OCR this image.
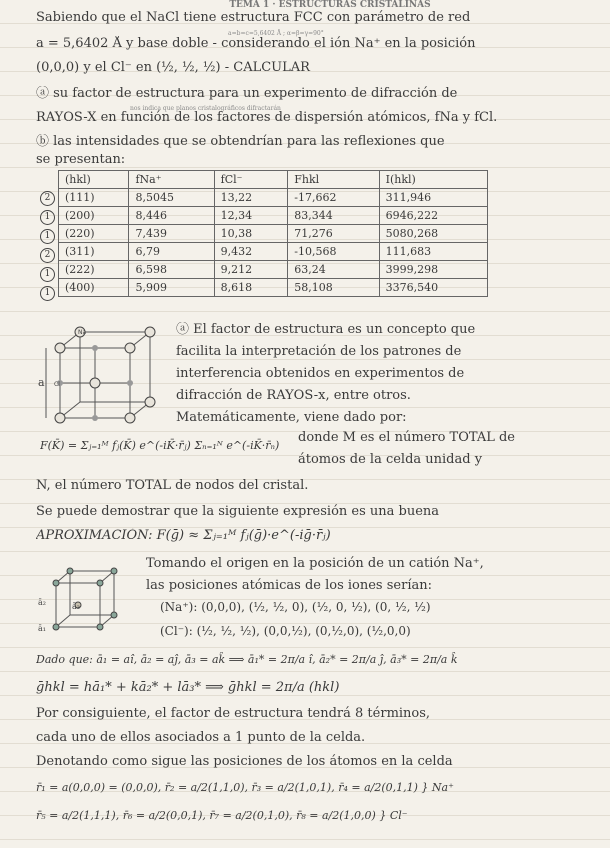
TEMA 1 · ESTRUCTURAS CRISTALINAS
Sabiendo que el NaCl tiene estructura FCC con parámetro de red
a=b=c=5,6402 Å ; α=β=γ=90°
a = 5,6402 Å y base doble - considerando el ión Na⁺ en la posición
(0,0,0) y el Cl⁻ en (½, ½, ½) - CALCULAR
ⓐ su factor de estructura para un experimento de difracción de
nos indica que planos cristalográficos difractarán
RAYOS-X en función de los factores de dispersión atómicos, fNa y fCl.
ⓑ las intensidades que se obtendrían para las reflexiones que
se presentan:
(hkl)	fNa⁺	fCl⁻	Fhkl	I(hkl)
(111)	8,5045	13,22	-17,662	311,946
(200)	8,446	12,34	83,344	6946,222
(220)	7,439	10,38	71,276	5080,268
(311)	6,79	9,432	-10,568	111,683
(222)	6,598	9,212	63,24	3999,298
(400)	5,909	8,618	58,108	3376,540
2
1
1
2
1
1
Na
Cl
a
ⓐ El factor de estructura es un concepto que
facilita la interpretación de los patrones de
interferencia obtenidos en experimentos de
difracción de RAYOS-x, entre otros.
Matemáticamente, viene dado por:
F(K̄) = Σⱼ₌₁ᴹ fⱼ(K̄) e^(-iK̄·r̄ⱼ) Σₙ₌₁ᴺ e^(-iK̄·r̄ₙ)
donde M es el número TOTAL de
átomos de la celda unidad y
N, el número TOTAL de nodos del cristal.
Se puede demostrar que la siguiente expresión es una buena
APROXIMACIÓN: F(ḡ) ≈ Σⱼ₌₁ᴹ fⱼ(ḡ)·e^(-iḡ·r̄ⱼ)
ā₂
ā₁
ā₃
Tomando el origen en la posición de un catión Na⁺,
las posiciones atómicas de los iones serían:
(Na⁺): (0,0,0), (½, ½, 0), (½, 0, ½), (0, ½, ½)
(Cl⁻): (½, ½, ½), (0,0,½), (0,½,0), (½,0,0)
Dado que: ā₁ = aî, ā₂ = aĵ, ā₃ = ak̂ ⟹ ā₁* = 2π/a î, ā₂* = 2π/a ĵ, ā₃* = 2π/a k̂
ḡhkl = hā₁* + kā₂* + lā₃* ⟹ ḡhkl = 2π/a (hkl)
Por consiguiente, el factor de estructura tendrá 8 términos,
cada uno de ellos asociados a 1 punto de la celda.
Denotando como sigue las posiciones de los átomos en la celda
r̄₁ = a(0,0,0) = (0,0,0), r̄₂ = a/2(1,1,0), r̄₃ = a/2(1,0,1), r̄₄ = a/2(0,1,1) } Na⁺
r̄₅ = a/2(1,1,1), r̄₆ = a/2(0,0,1), r̄₇ = a/2(0,1,0), r̄₈ = a/2(1,0,0) } Cl⁻
